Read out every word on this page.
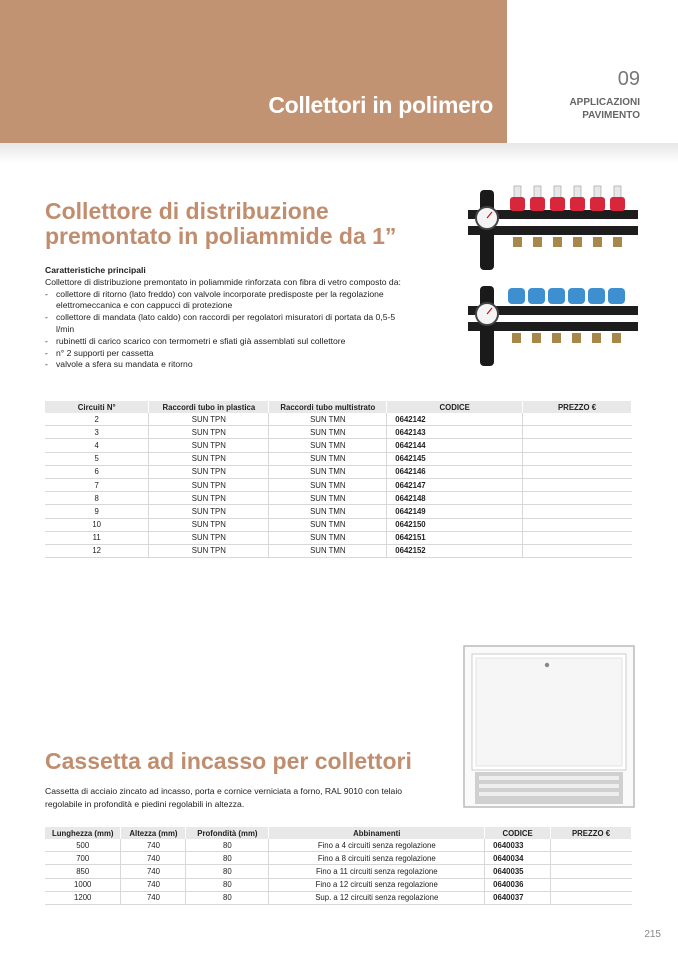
Collettori in polimero
09
APPLICAZIONI
PAVIMENTO
Collettore di distribuzione
premontato in poliammide da 1”
Caratteristiche principali
Collettore di distribuzione premontato in poliammide rinforzata con fibra di vetro composto da:
- collettore di ritorno (lato freddo) con valvole incorporate predisposte per la regolazione elettromeccanica e con cappucci di protezione
- collettore di mandata (lato caldo) con raccordi per regolatori misuratori di portata da 0,5-5 l/min
- rubinetti di carico scarico con termometri e sfiati già assemblati sul collettore
- n° 2 supporti per cassetta
- valvole a sfera su mandata e ritorno
Circuiti N°	Raccordi tubo in plastica	Raccordi tubo multistrato	CODICE	PREZZO €
2	SUN TPN	SUN TMN	0642142	
3	SUN TPN	SUN TMN	0642143	
4	SUN TPN	SUN TMN	0642144	
5	SUN TPN	SUN TMN	0642145	
6	SUN TPN	SUN TMN	0642146	
7	SUN TPN	SUN TMN	0642147	
8	SUN TPN	SUN TMN	0642148	
9	SUN TPN	SUN TMN	0642149	
10	SUN TPN	SUN TMN	0642150	
11	SUN TPN	SUN TMN	0642151	
12	SUN TPN	SUN TMN	0642152	
Cassetta ad incasso per collettori
Cassetta di acciaio zincato ad incasso, porta e cornice verniciata a forno, RAL 9010 con telaio regolabile in profondità e piedini regolabili in altezza.
Lunghezza (mm)	Altezza (mm)	Profondità (mm)	Abbinamenti	CODICE	PREZZO €
500	740	80	Fino a 4 circuiti senza regolazione	0640033	
700	740	80	Fino a 8 circuiti senza regolazione	0640034	
850	740	80	Fino a 11 circuiti senza regolazione	0640035	
1000	740	80	Fino a 12 circuiti senza regolazione	0640036	
1200	740	80	Sup. a 12 circuiti senza regolazione	0640037	
215
